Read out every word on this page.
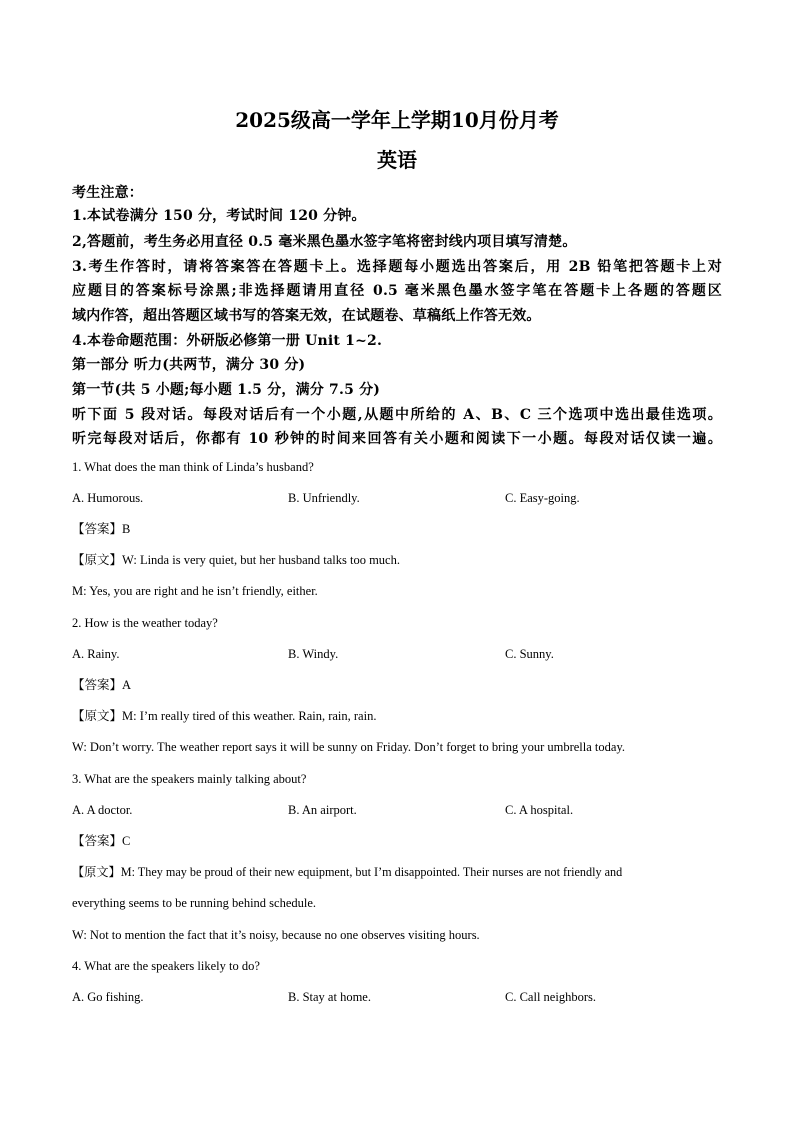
2025级高一学年上学期10月份月考
英语
考生注意：
1.本试卷满分 150 分，考试时间 120 分钟。
2,答题前，考生务必用直径 0.5 毫米黑色墨水签字笔将密封线内项目填写清楚。
3.考生作答时，请将答案答在答题卡上。选择题每小题选出答案后，用 2B 铅笔把答题卡上对
应题目的答案标号涂黑;非选择题请用直径 0.5 毫米黑色墨水签字笔在答题卡上各题的答题区
域内作答，超出答题区域书写的答案无效，在试题卷、草稿纸上作答无效。
4.本卷命题范围：外研版必修第一册 Unit 1~2.
第一部分 听力(共两节，满分 30 分)
第一节(共 5 小题;每小题 1.5 分，满分 7.5 分)
听下面 5 段对话。每段对话后有一个小题,从题中所给的 A、B、C 三个选项中选出最佳选项。
听完每段对话后，你都有 10 秒钟的时间来回答有关小题和阅读下一小题。每段对话仅读一遍。
1. What does the man think of Linda’s husband?
A. Humorous.	B. Unfriendly.	C. Easy-going.
【答案】B
【原文】W: Linda is very quiet, but her husband talks too much.
M: Yes, you are right and he isn’t friendly, either.
2. How is the weather today?
A. Rainy.	B. Windy.	C. Sunny.
【答案】A
【原文】M: I’m really tired of this weather. Rain, rain, rain.
W: Don’t worry. The weather report says it will be sunny on Friday. Don’t forget to bring your umbrella today.
3. What are the speakers mainly talking about?
A. A doctor.	B. An airport.	C. A hospital.
【答案】C
【原文】M: They may be proud of their new equipment, but I’m disappointed. Their nurses are not friendly and
everything seems to be running behind schedule.
W: Not to mention the fact that it’s noisy, because no one observes visiting hours.
4. What are the speakers likely to do?
A. Go fishing.	B. Stay at home.	C. Call neighbors.
